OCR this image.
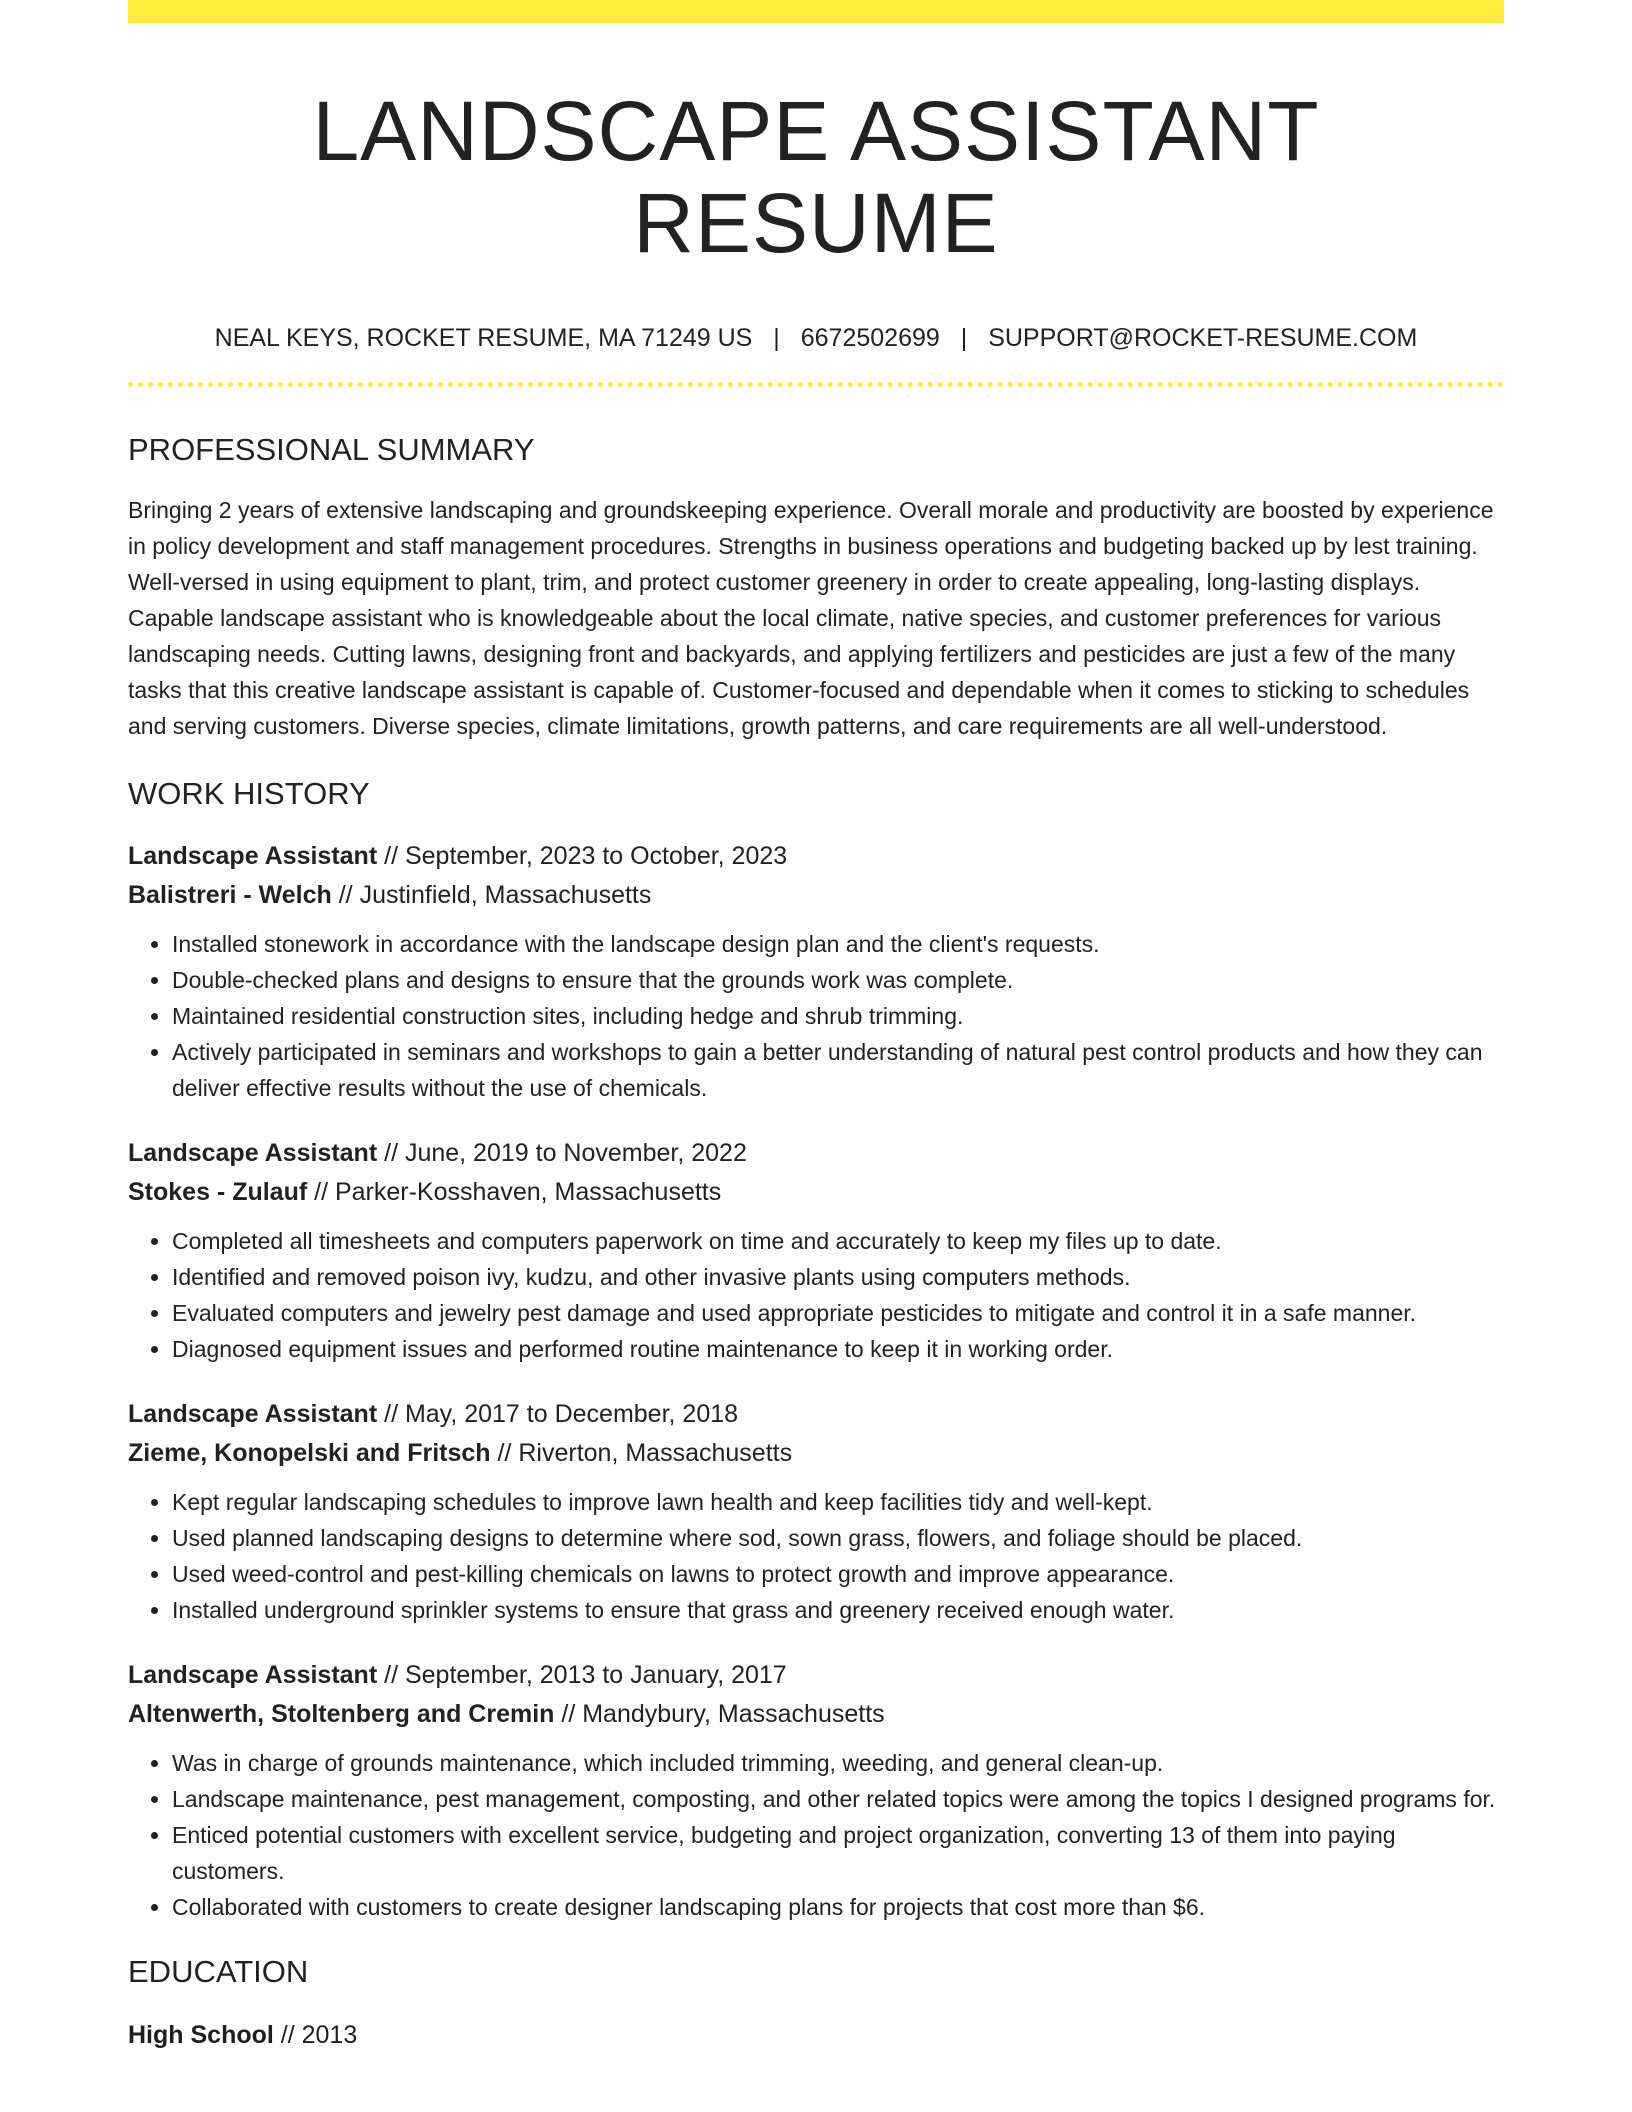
LANDSCAPE ASSISTANT RESUME
NEAL KEYS, ROCKET RESUME, MA 71249 US | 6672502699 | SUPPORT@ROCKET-RESUME.COM
PROFESSIONAL SUMMARY
Bringing 2 years of extensive landscaping and groundskeeping experience. Overall morale and productivity are boosted by experience in policy development and staff management procedures. Strengths in business operations and budgeting backed up by lest training. Well-versed in using equipment to plant, trim, and protect customer greenery in order to create appealing, long-lasting displays. Capable landscape assistant who is knowledgeable about the local climate, native species, and customer preferences for various landscaping needs. Cutting lawns, designing front and backyards, and applying fertilizers and pesticides are just a few of the many tasks that this creative landscape assistant is capable of. Customer-focused and dependable when it comes to sticking to schedules and serving customers. Diverse species, climate limitations, growth patterns, and care requirements are all well-understood.
WORK HISTORY
Landscape Assistant // September, 2023 to October, 2023
Balistreri - Welch // Justinfield, Massachusetts
• Installed stonework in accordance with the landscape design plan and the client's requests.
• Double-checked plans and designs to ensure that the grounds work was complete.
• Maintained residential construction sites, including hedge and shrub trimming.
• Actively participated in seminars and workshops to gain a better understanding of natural pest control products and how they can deliver effective results without the use of chemicals.
Landscape Assistant // June, 2019 to November, 2022
Stokes - Zulauf // Parker-Kosshaven, Massachusetts
• Completed all timesheets and computers paperwork on time and accurately to keep my files up to date.
• Identified and removed poison ivy, kudzu, and other invasive plants using computers methods.
• Evaluated computers and jewelry pest damage and used appropriate pesticides to mitigate and control it in a safe manner.
• Diagnosed equipment issues and performed routine maintenance to keep it in working order.
Landscape Assistant // May, 2017 to December, 2018
Zieme, Konopelski and Fritsch // Riverton, Massachusetts
• Kept regular landscaping schedules to improve lawn health and keep facilities tidy and well-kept.
• Used planned landscaping designs to determine where sod, sown grass, flowers, and foliage should be placed.
• Used weed-control and pest-killing chemicals on lawns to protect growth and improve appearance.
• Installed underground sprinkler systems to ensure that grass and greenery received enough water.
Landscape Assistant // September, 2013 to January, 2017
Altenwerth, Stoltenberg and Cremin // Mandybury, Massachusetts
• Was in charge of grounds maintenance, which included trimming, weeding, and general clean-up.
• Landscape maintenance, pest management, composting, and other related topics were among the topics I designed programs for.
• Enticed potential customers with excellent service, budgeting and project organization, converting 13 of them into paying customers.
• Collaborated with customers to create designer landscaping plans for projects that cost more than $6.
EDUCATION
High School // 2013
